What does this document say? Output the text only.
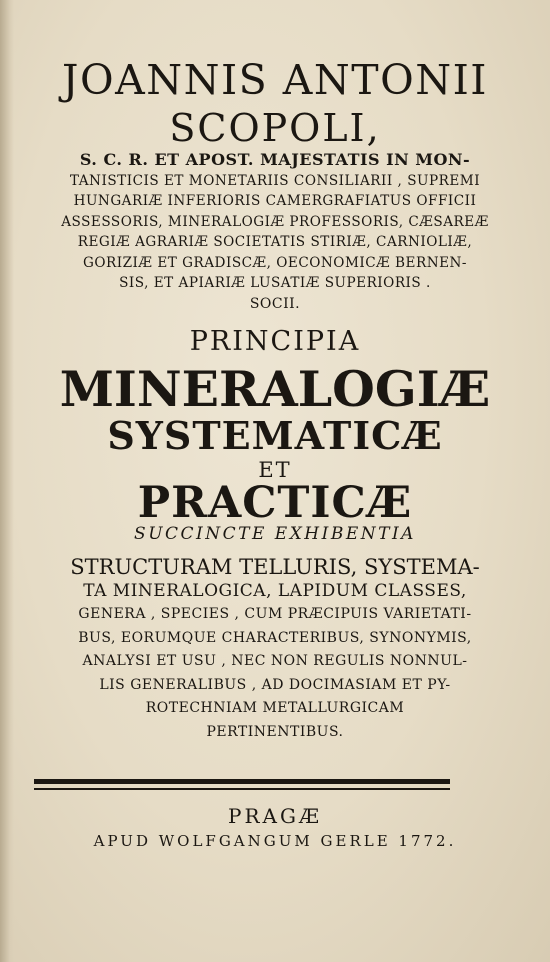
JOANNIS ANTONII
SCOPOLI,
S. C. R. ET APOST. MAJESTATIS IN MON-
TANISTICIS ET MONETARIIS CONSILIARII , SUPREMI
HUNGARIÆ INFERIORIS CAMERGRAFIATUS OFFICII
ASSESSORIS, MINERALOGIÆ PROFESSORIS, CÆSAREÆ
REGIÆ AGRARIÆ SOCIETATIS STIRIÆ, CARNIOLIÆ,
GORIZIÆ ET GRADISCÆ, OECONOMICÆ BERNEN-
SIS, ET APIARIÆ LUSATIÆ SUPERIORIS .
SOCII.
PRINCIPIA
MINERALOGIÆ
SYSTEMATICÆ
ET
PRACTICÆ
SUCCINCTE EXHIBENTIA
STRUCTURAM TELLURIS, SYSTEMA-
TA MINERALOGICA, LAPIDUM CLASSES,
GENERA , SPECIES , CUM PRÆCIPUIS VARIETATI-
BUS, EORUMQUE CHARACTERIBUS, SYNONYMIS,
ANALYSI ET USU , NEC NON REGULIS NONNUL-
LIS GENERALIBUS , AD DOCIMASIAM ET PY-
ROTECHNIAM METALLURGICAM
PERTINENTIBUS.
PRAGÆ
APUD WOLFGANGUM GERLE 1772.
